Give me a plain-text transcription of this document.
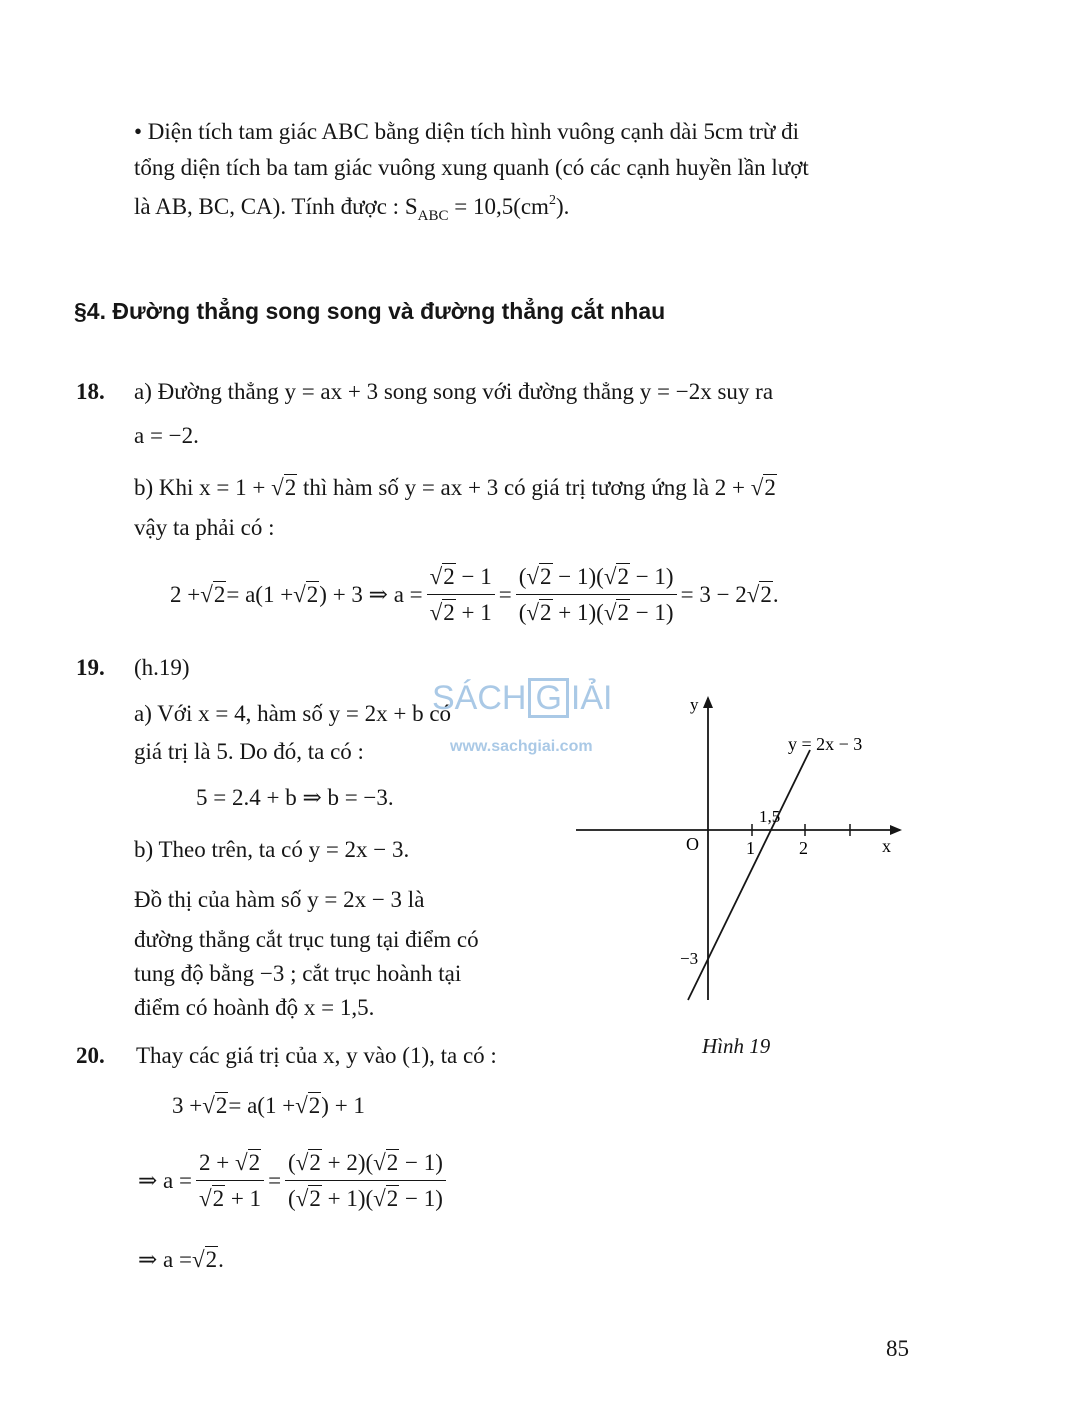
• Diện tích tam giác ABC bằng diện tích hình vuông cạnh dài 5cm trừ đi
tổng diện tích ba tam giác vuông xung quanh (có các cạnh huyền lần lượt
là AB, BC, CA). Tính được : $S_{ABC} = 10,5(cm^2)$.
§4. Đường thẳng song song và đường thẳng cắt nhau
18. a) Đường thẳng y = ax + 3 song song với đường thẳng y = −2x suy ra
a = −2.
b) Khi x = 1 + √2 thì hàm số y = ax + 3 có giá trị tương ứng là 2 + √2
vậy ta phải có :
2 + √2 = a(1 + √2 ) + 3 ⇒ $a = \frac{√2 - 1}{√2 + 1} = \frac{(√2 - 1)(√2 - 1)}{(√2 + 1)(√2 - 1)} = 3 - 2$ √2 .
19. (h.19)
a) Với x = 4, hàm số y = 2x + b có
giá trị là 5. Do đó, ta có :
5 = 2.4 + b ⇒ b = −3.
b) Theo trên, ta có y = 2x − 3.
Đồ thị của hàm số y = 2x − 3 là
đường thẳng cắt trục tung tại điểm có
tung độ bằng −3 ; cắt trục hoành tại
điểm có hoành độ x = 1,5.
SÁCH G IẢI
www.sachgiai.com
y
x
O	1 2
1,5
−3
y = 2x − 3
Hình 19
20. Thay các giá trị của x, y vào (1), ta có :
3 + √2 = a(1 + √2 ) + 1
⇒ $a = \frac{2 + √2}{√2 + 1} = \frac{(√2 + 2)(√2 - 1)}{(√2 + 1)(√2 - 1)}$
⇒ a = √2 .
85
